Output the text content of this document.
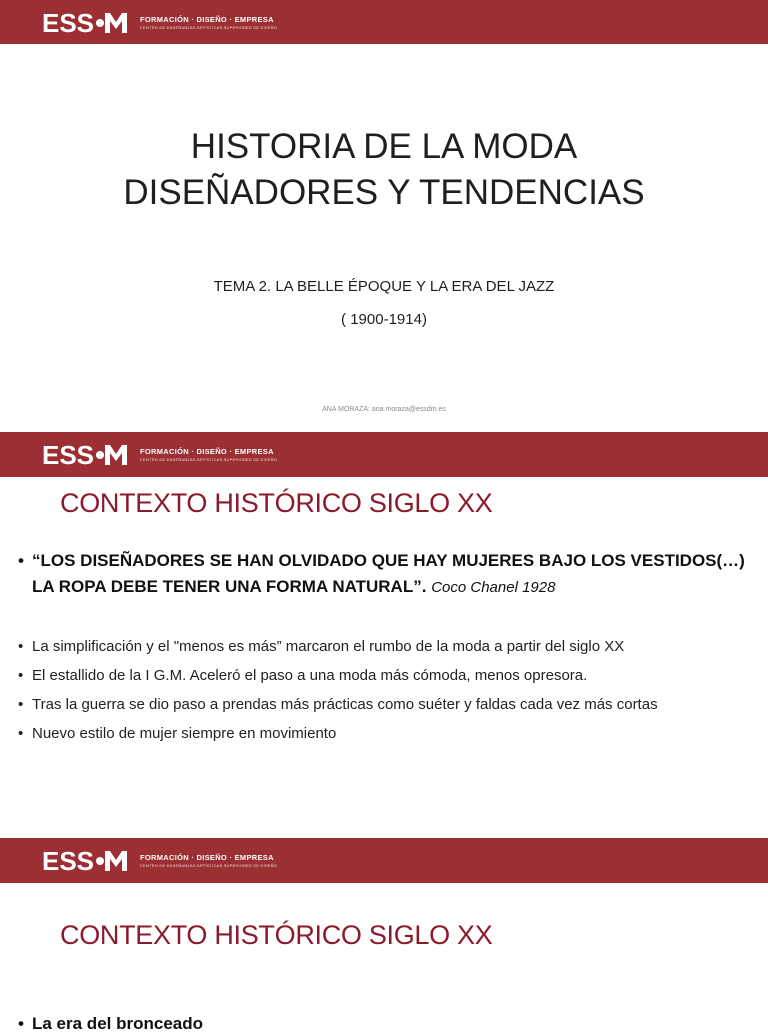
ESS	FORMACIÓN · DISEÑO · EMPRESA
CENTRO DE ENSEÑANZAS ARTÍSTICAS SUPERIORES DE DISEÑO
HISTORIA DE LA MODA
DISEÑADORES Y TENDENCIAS
TEMA 2. LA BELLE ÉPOQUE Y LA ERA DEL JAZZ
( 1900-1914)
ANA MORAZA: ana.moraza@essdm.es
ESS	FORMACIÓN · DISEÑO · EMPRESA
CENTRO DE ENSEÑANZAS ARTÍSTICAS SUPERIORES DE DISEÑO
CONTEXTO HISTÓRICO SIGLO XX
• “LOS DISEÑADORES SE HAN OLVIDADO QUE HAY MUJERES BAJO LOS VESTIDOS(…) LA ROPA DEBE TENER UNA FORMA NATURAL”. Coco Chanel 1928
• La simplificación y el "menos es más” marcaron el rumbo de la moda a partir del siglo XX
• El estallido de la I G.M. Aceleró el paso a una moda más cómoda, menos opresora.
• Tras la guerra se dio paso a prendas más prácticas como suéter y faldas cada vez más cortas
• Nuevo estilo de mujer siempre en movimiento
ESS	FORMACIÓN · DISEÑO · EMPRESA
CENTRO DE ENSEÑANZAS ARTÍSTICAS SUPERIORES DE DISEÑO
CONTEXTO HISTÓRICO SIGLO XX
• La era del bronceado
